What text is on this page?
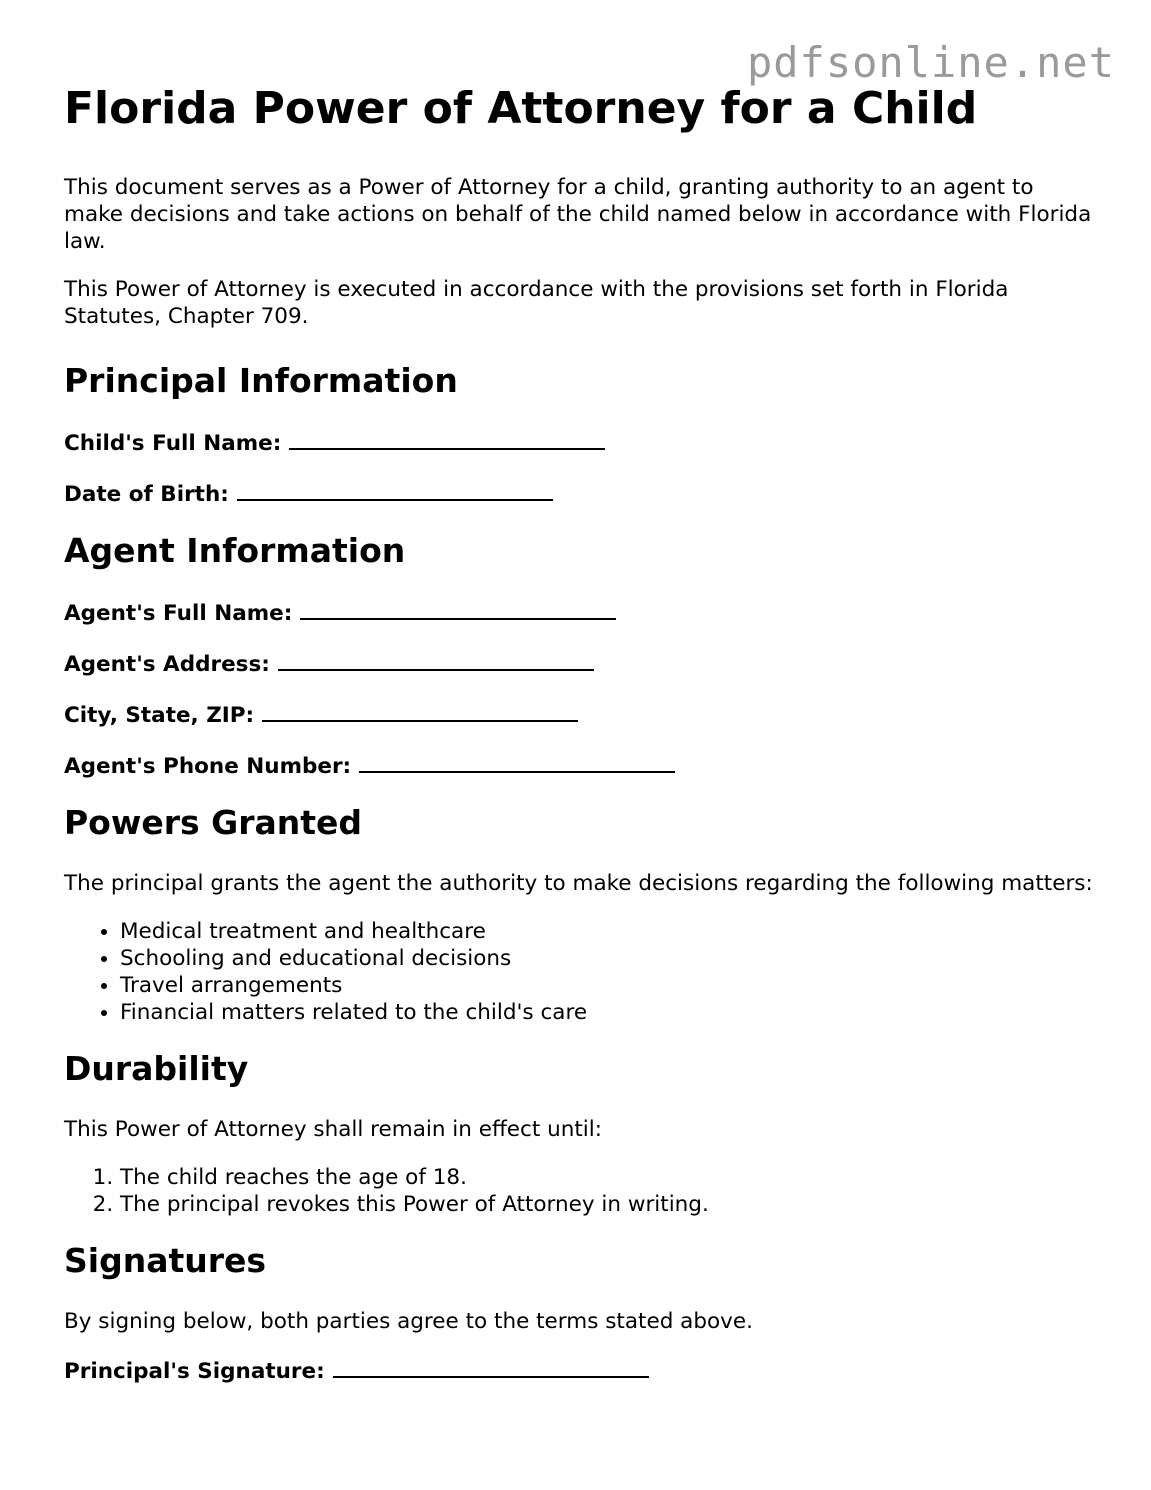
pdfsonline.net
Florida Power of Attorney for a Child

This document serves as a Power of Attorney for a child, granting authority to an agent to make decisions and take actions on behalf of the child named below in accordance with Florida law.

This Power of Attorney is executed in accordance with the provisions set forth in Florida Statutes, Chapter 709.

Principal Information
Child's Full Name:
Date of Birth:
Agent Information
Agent's Full Name:
Agent's Address:
City, State, ZIP:
Agent's Phone Number:
Powers Granted

The principal grants the agent the authority to make decisions regarding the following matters:

• Medical treatment and healthcare
• Schooling and educational decisions
• Travel arrangements
• Financial matters related to the child's care
Durability

This Power of Attorney shall remain in effect until:

1. The child reaches the age of 18.
2. The principal revokes this Power of Attorney in writing.
Signatures

By signing below, both parties agree to the terms stated above.

Principal's Signature:
